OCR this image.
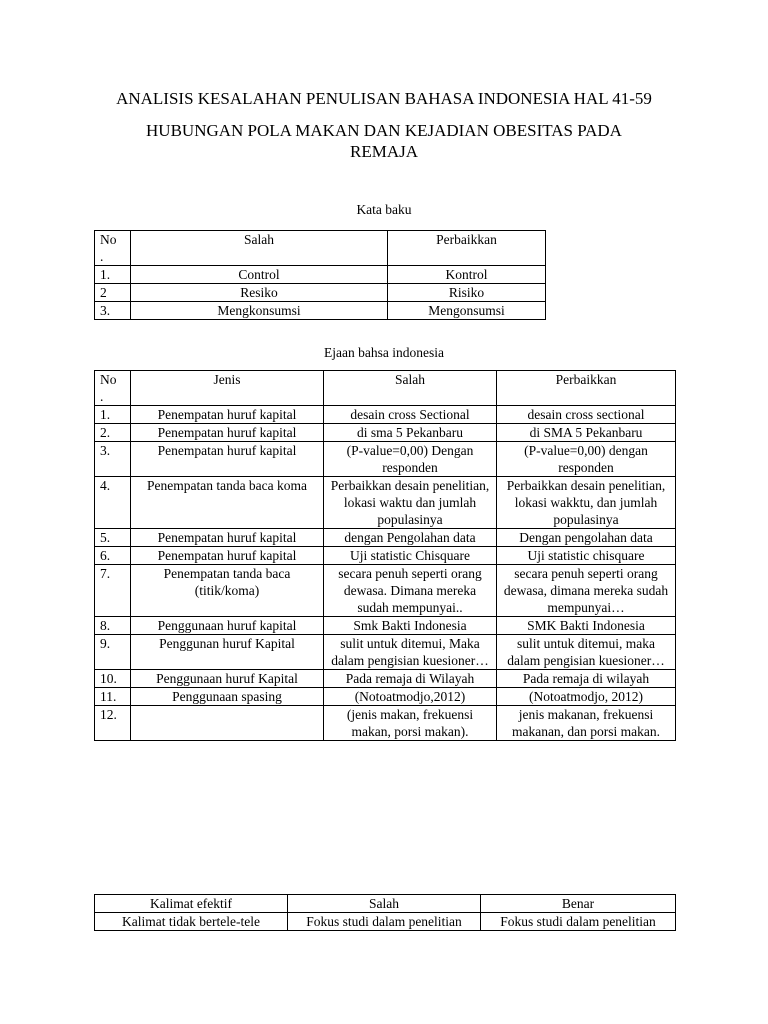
ANALISIS KESALAHAN PENULISAN BAHASA INDONESIA HAL 41-59
HUBUNGAN POLA MAKAN DAN KEJADIAN OBESITAS PADA
REMAJA
Kata baku
No
.	Salah	Perbaikkan
1.	Control	Kontrol
2	Resiko	Risiko
3.	Mengkonsumsi	Mengonsumsi
Ejaan bahsa indonesia
No
.	Jenis	Salah	Perbaikkan
1.	Penempatan huruf kapital	desain cross Sectional	desain cross sectional
2.	Penempatan huruf kapital	di sma 5 Pekanbaru	di SMA 5 Pekanbaru
3.	Penempatan huruf kapital	(P-value=0,00) Dengan responden	(P-value=0,00) dengan responden
4.	Penempatan tanda baca koma	Perbaikkan desain penelitian, lokasi waktu dan jumlah populasinya	Perbaikkan desain penelitian, lokasi wakktu, dan jumlah populasinya
5.	Penempatan huruf kapital	dengan Pengolahan data	Dengan pengolahan data
6.	Penempatan huruf kapital	Uji statistic Chisquare	Uji statistic chisquare
7.	Penempatan tanda baca (titik/koma)	secara penuh seperti orang dewasa. Dimana mereka sudah mempunyai..	secara penuh seperti orang dewasa, dimana mereka sudah mempunyai…
8.	Penggunaan huruf kapital	Smk Bakti Indonesia	SMK Bakti Indonesia
9.	Penggunan huruf Kapital	sulit untuk ditemui, Maka dalam pengisian kuesioner…	sulit untuk ditemui, maka dalam pengisian kuesioner…
10.	Penggunaan huruf Kapital	Pada remaja di Wilayah	Pada remaja di wilayah
11.	Penggunaan spasing	(Notoatmodjo,2012)	(Notoatmodjo, 2012)
12.		(jenis makan, frekuensi makan, porsi makan).	jenis makanan, frekuensi makanan, dan porsi makan.
Kalimat efektif	Salah	Benar
Kalimat tidak bertele-tele	Fokus studi dalam penelitian	Fokus studi dalam penelitian
